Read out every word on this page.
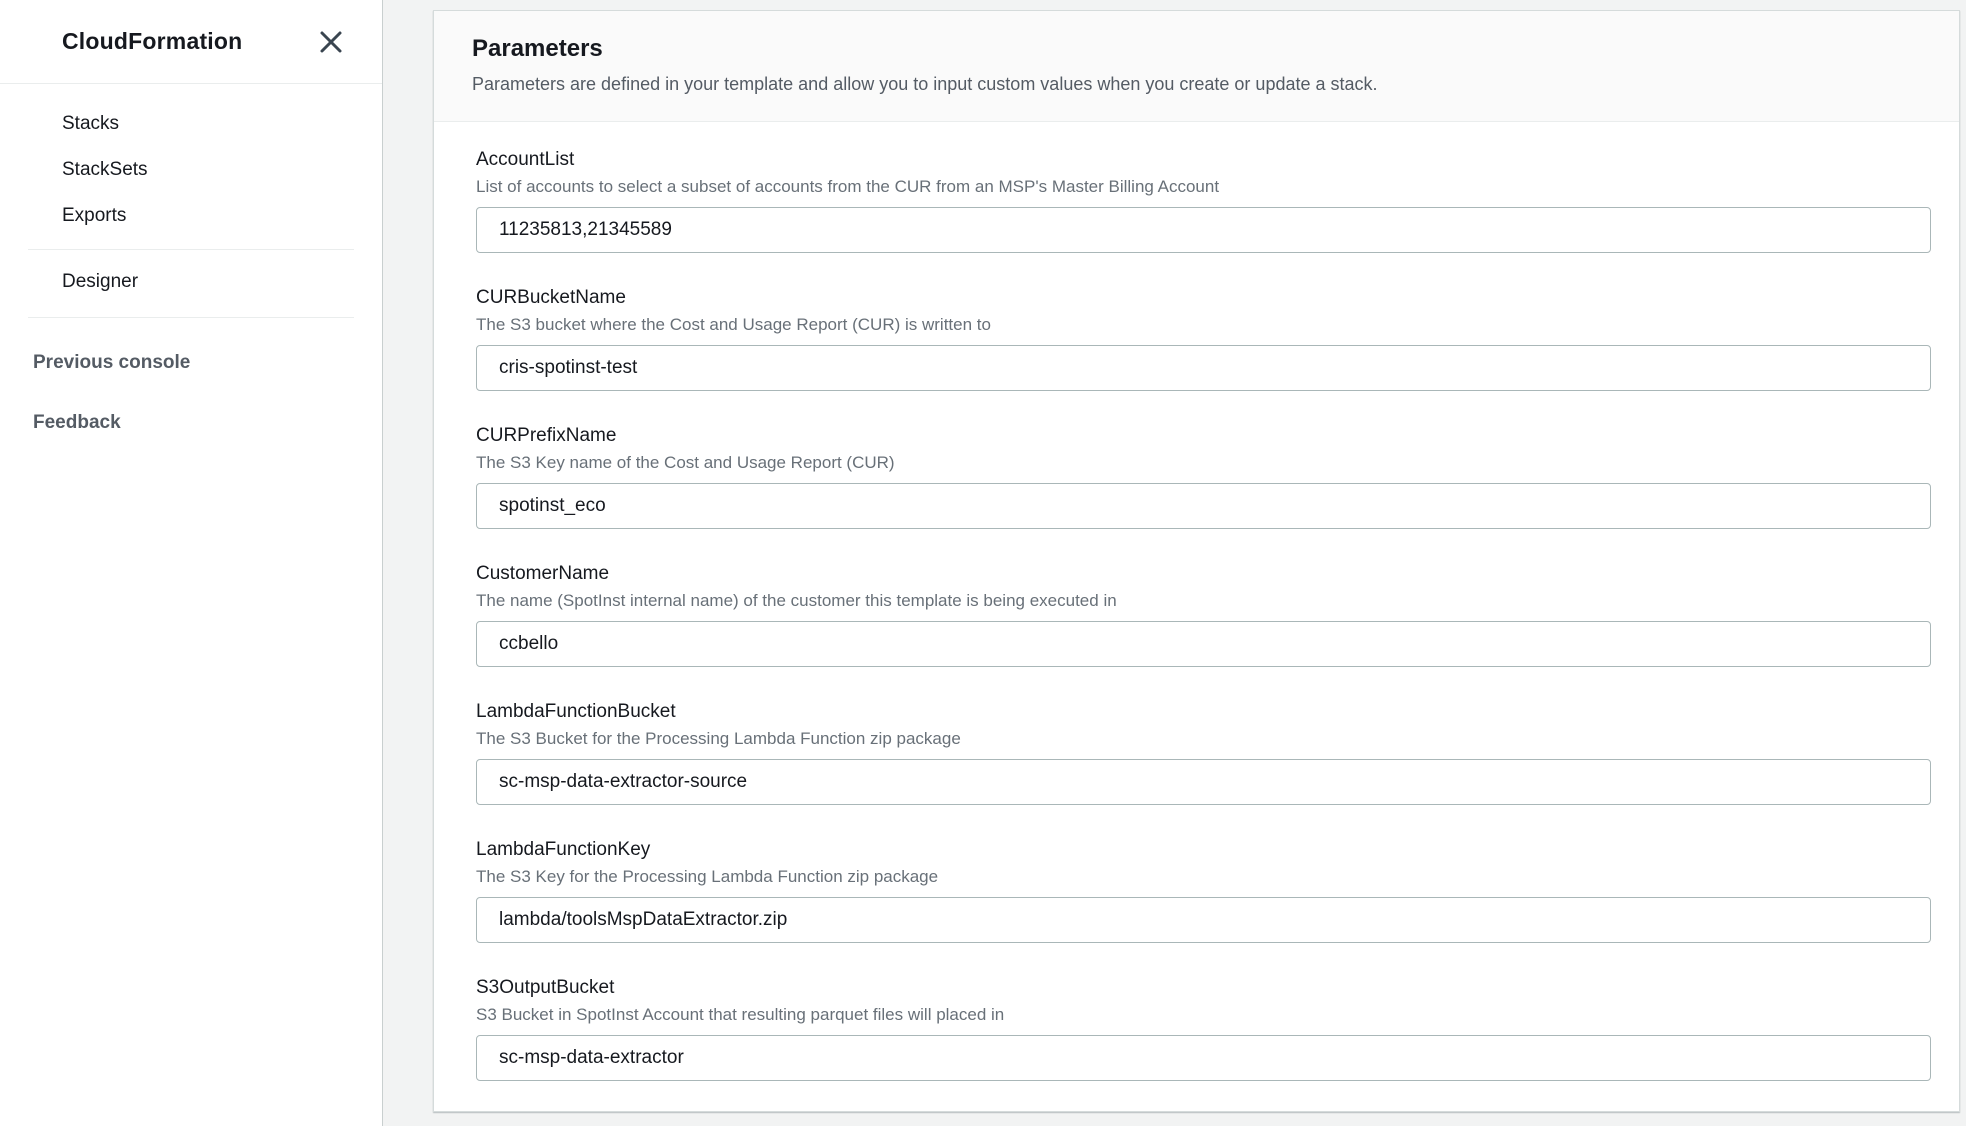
CloudFormation
Stacks
StackSets
Exports
Designer
Previous console
Feedback
Parameters

Parameters are defined in your template and allow you to input custom values when you create or update a stack.

AccountList

List of accounts to select a subset of accounts from the CUR from an MSP's Master Billing Account

11235813,21345589
CURBucketName

The S3 bucket where the Cost and Usage Report (CUR) is written to

cris-spotinst-test
CURPrefixName

The S3 Key name of the Cost and Usage Report (CUR)

spotinst_eco
CustomerName

The name (SpotInst internal name) of the customer this template is being executed in

ccbello
LambdaFunctionBucket

The S3 Bucket for the Processing Lambda Function zip package

sc-msp-data-extractor-source
LambdaFunctionKey

The S3 Key for the Processing Lambda Function zip package

lambda/toolsMspDataExtractor.zip
S3OutputBucket

S3 Bucket in SpotInst Account that resulting parquet files will placed in

sc-msp-data-extractor
